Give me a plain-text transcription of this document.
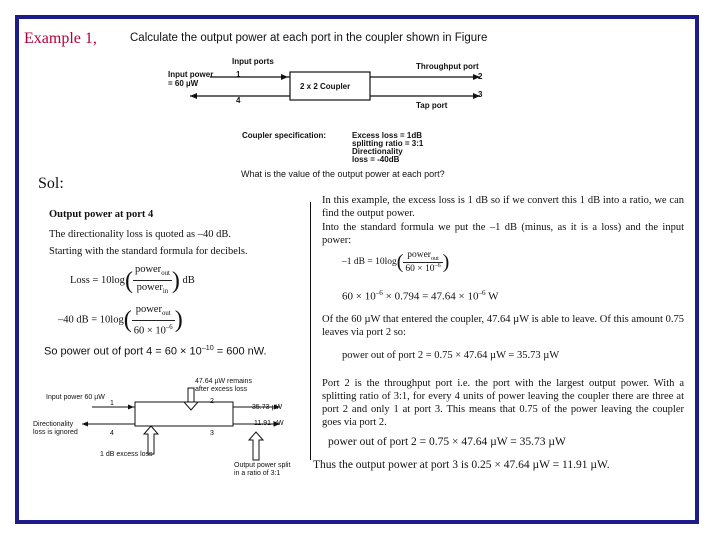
Example 1,	Calculate the output power at each port in the coupler shown in Figure
Input ports
Throughput port
Input power
= 60 µW
1	2
4
3
2 x 2 Coupler
Tap port
Coupler specification:	Excess loss = 1dB
splitting ratio = 3:1
Directionality
loss = -40dB
What is the value of the output power at each port?
Sol:
Output power at port 4
The directionality loss is quoted as –40 dB.
Starting with the standard formula for decibels.
Loss = $10\log( \frac{power_{out}}{power_{in}}$ ) dB
–40 dB = $10\log( \frac{power_{out}}{60 \times 10^{-6}}$ )
So power out of port $4 = 60 \times 10^{-10} = 600$ nW.
47.64 µW remains
after excess loss
Input power 60 µW
1	2
35.73 µW
11.91 µW
Directionality
loss is ignored	4	3
1 dB excess loss
Output power split
in a ratio of 3:1
In this example, the excess loss is 1 dB so if we convert this 1 dB into a ratio, we can find the output power.
Into the standard formula we put the –1 dB (minus, as it is a loss) and the input power:
–1 dB = $10\log( \frac{power_{out}}{60 \times 10^{-6}}$ )
$60 \times 10^{-6} \times 0.794 = 47.64 \times 10^{-6}$ W
Of the 60 µW that entered the coupler, 47.64 µW is able to leave. Of this amount 0.75 leaves via port 2 so:
power out of port 2 = 0.75 × 47.64 µW = 35.73 µW
Port 2 is the throughput port i.e. the port with the largest output power. With a splitting ratio of 3:1, for every 4 units of power leaving the coupler there are three at port 2 and only 1 at port 3. This means that 0.75 of the power leaving the coupler goes via port 2.
power out of port 2 = 0.75 × 47.64 µW = 35.73 µW
Thus the output power at port 3 is 0.25 × 47.64 µW = 11.91 µW.
